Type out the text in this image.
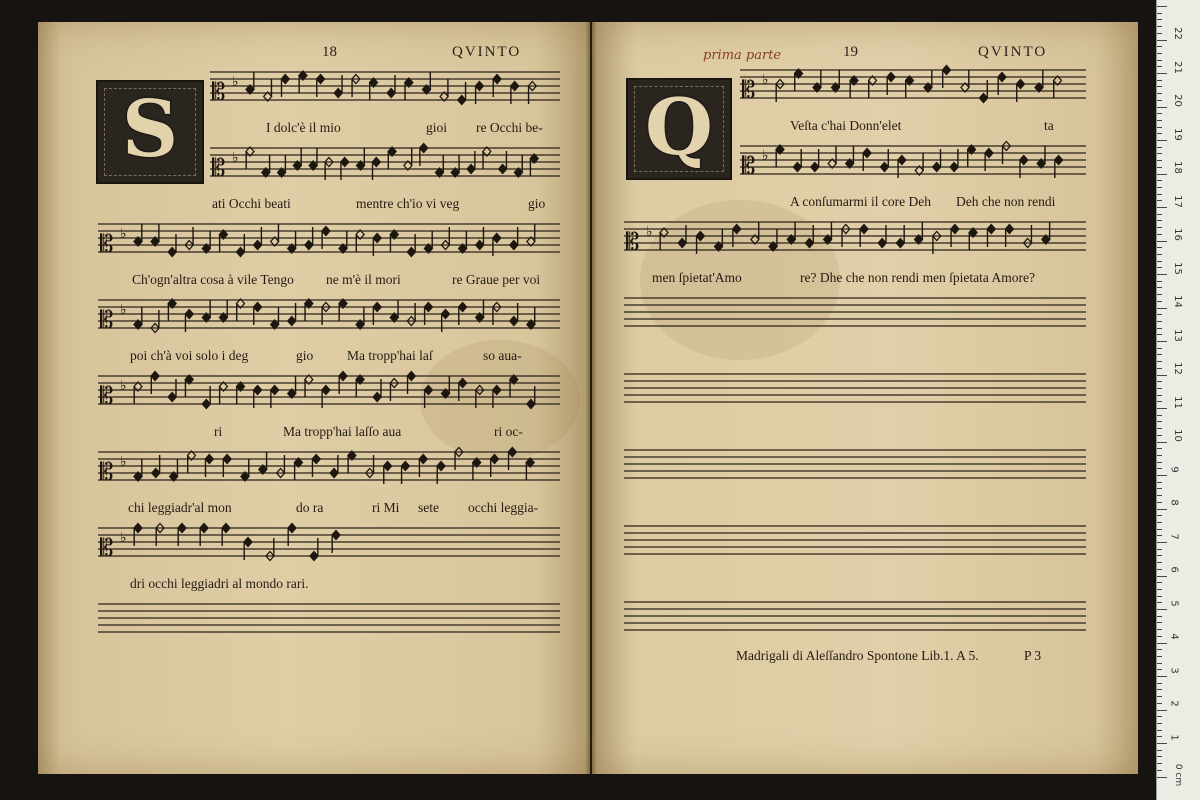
18	QVINTO
S
prima parte	19	QVINTO
Q
I dolc'è il mio	gioi re Occhi be-
ati Occhi beati	mentre ch'io vi veg	gio
Ch'ogn'altra cosa à vile Tengo ne m'è il mori	re Graue per voi
poi ch'à voi solo i deg	gio Ma tropp'hai laſ	so aua-
ri	Ma tropp'hai laſſo aua	ri oc-
chi leggiadr'al mon	do ra	ri Mi sete occhi leggia-
dri occhi leggiadri al mondo rari.
Veſta c'hai Donn'elet	ta
A conſumarmi il core Deh Deh che non rendi
men ſpietat'Amo	re? Dhe che non rendi men ſpietata Amore?
Madrigali di Aleſſandro Spontone Lib.1. A 5.	P 3
22
21
20
19
18
17
16
15
14
13
12
11
10
9
8
7
6
5
4
3
2
1
0 cm
𝄡 ♭
𝄡 ♭
𝄡 ♭
𝄡 ♭
𝄡 ♭
𝄡 ♭
𝄡 ♭
𝄡 ♭
𝄡 ♭
𝄡 ♭
